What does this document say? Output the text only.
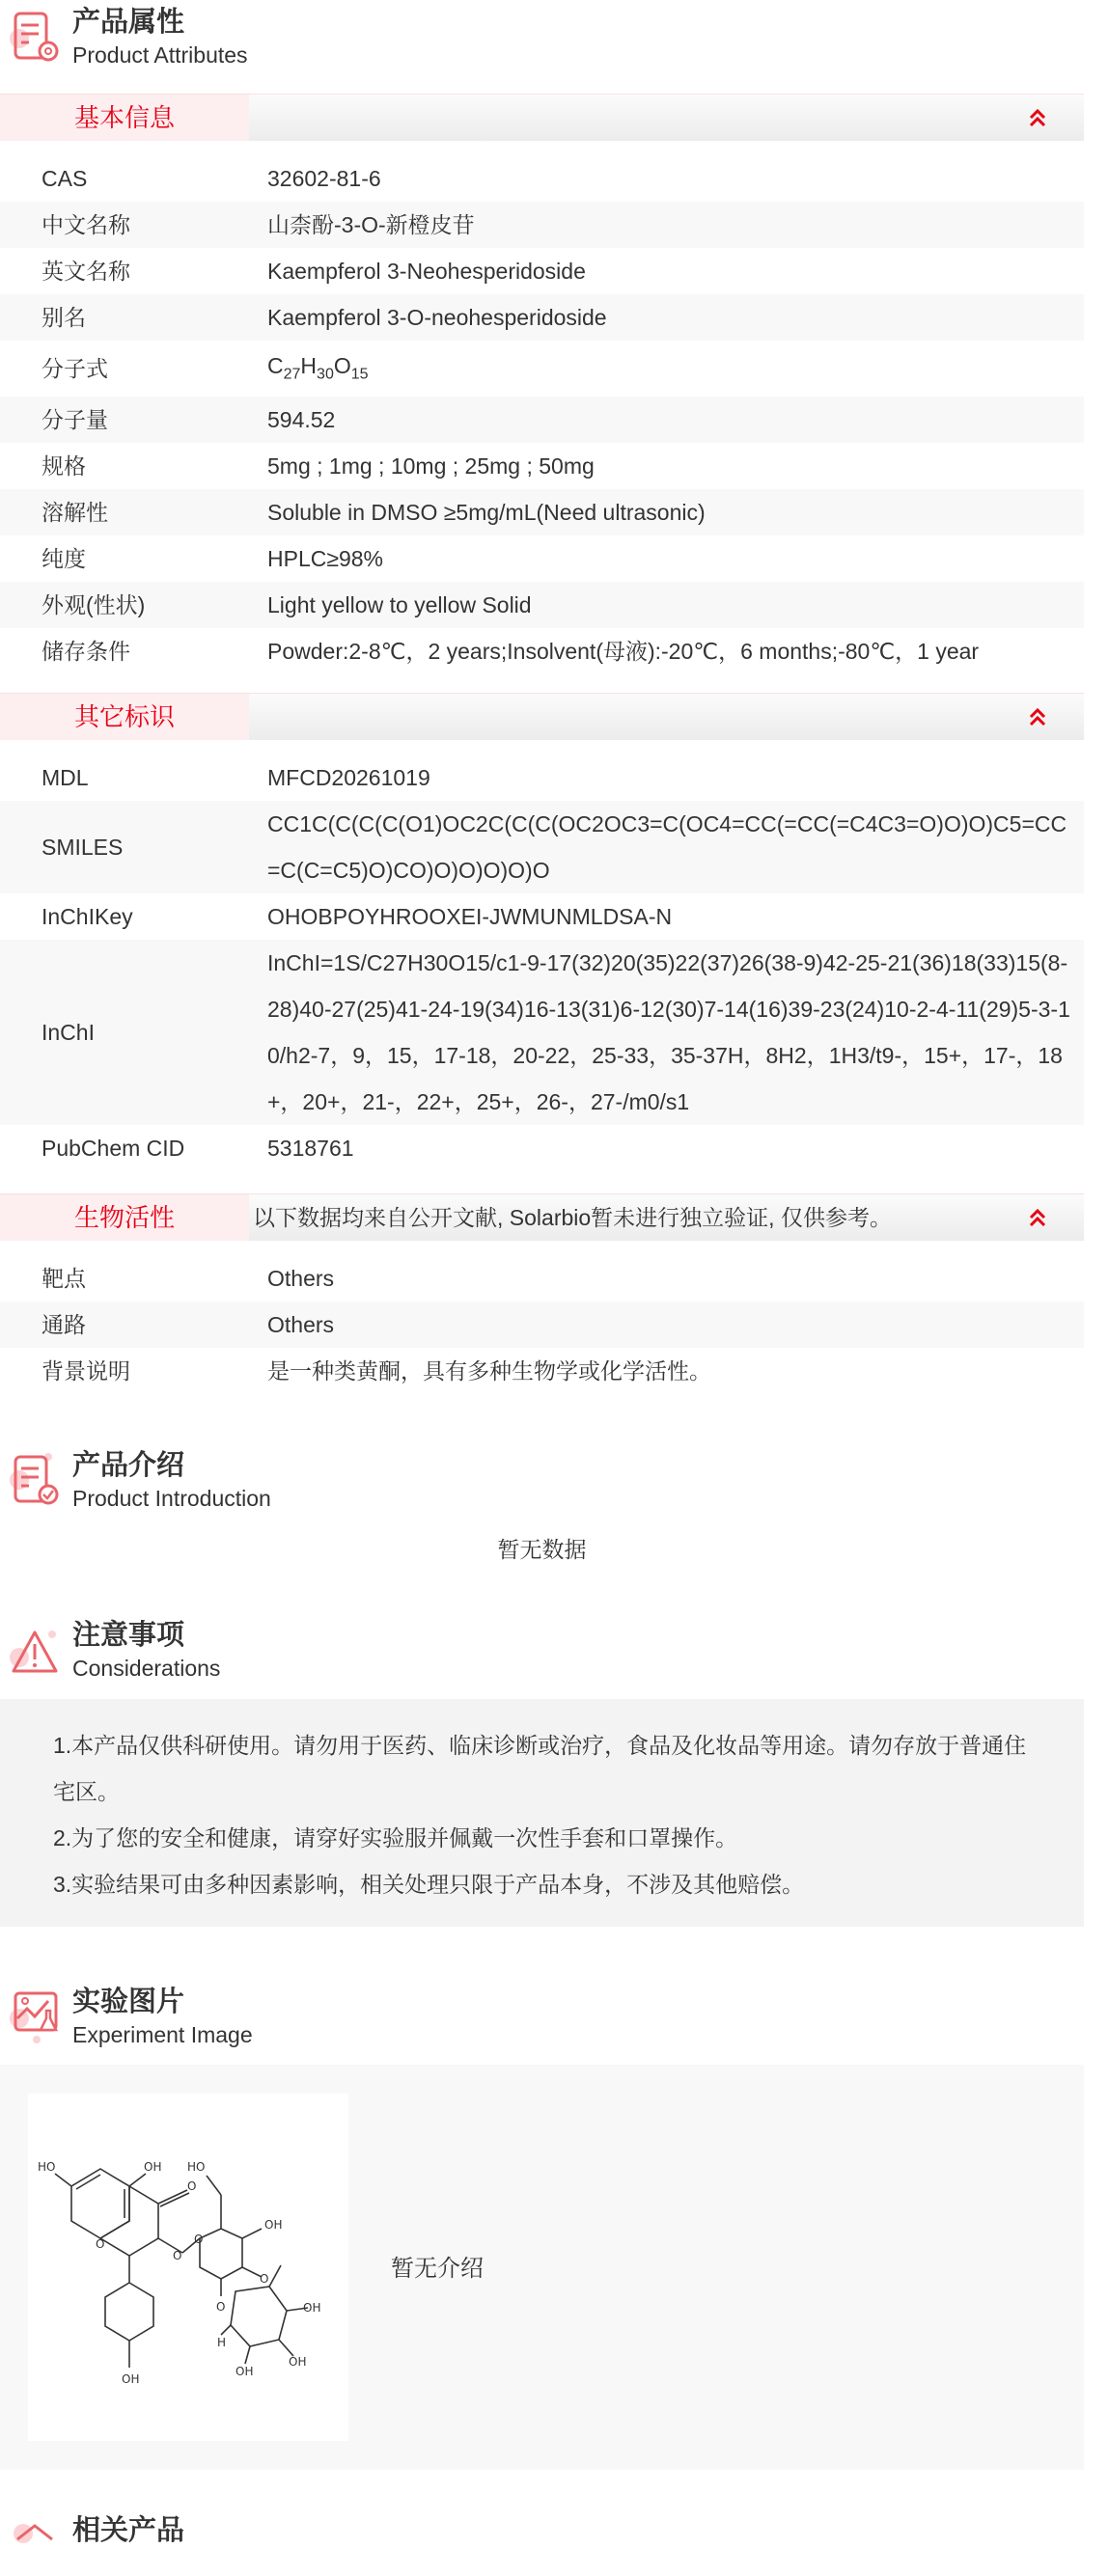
产品属性
Product Attributes
基本信息
CAS	32602-81-6
中文名称	山柰酚-3-O-新橙皮苷
英文名称	Kaempferol 3-Neohesperidoside
别名	Kaempferol 3-O-neohesperidoside
分子式	$C_{27}H_{30}O_{15}$
分子量	594.52
规格	5mg ; 1mg ; 10mg ; 25mg ; 50mg
溶解性	Soluble in DMSO ≥5mg/mL(Need ultrasonic)
纯度	HPLC≥98%
外观(性状)	Light yellow to yellow Solid
储存条件	Powder:2-8℃，2 years;Insolvent(母液):-20℃，6 months;-80℃，1 year
其它标识
MDL	MFCD20261019
SMILES
CC1C(C(C(C(O1)OC2C(C(C(OC2OC3=C(OC4=CC(=CC(=C4C3=O)O)O)C5=CC=C(C=C5)O)CO)O)O)O)O)O
InChIKey	OHOBPOYHROOXEI-JWMUNMLDSA-N
InChI
InChI=1S/C27H30O15/c1-9-17(32)20(35)22(37)26(38-9)42-25-21(36)18(33)15(8-28)40-27(25)41-24-19(34)16-13(31)6-12(30)7-14(16)39-23(24)10-2-4-11(29)5-3-10/h2-7，9，15，17-18，20-22，25-33，35-37H，8H2，1H3/t9-，15+，17-，18+，20+，21-，22+，25+，26-，27-/m0/s1
PubChem CID	5318761
生物活性	以下数据均来自公开文献, Solarbio暂未进行独立验证, 仅供参考。
靶点	Others
通路	Others
背景说明	是一种类黄酮，具有多种生物学或化学活性。
产品介绍
Product Introduction
暂无数据
注意事项
Considerations

1.本产品仅供科研使用。请勿用于医药、临床诊断或治疗，食品及化妆品等用途。请勿存放于普通住宅区。

2.为了您的安全和健康，请穿好实验服并佩戴一次性手套和口罩操作。

3.实验结果可由多种因素影响，相关处理只限于产品本身，不涉及其他赔偿。

实验图片
Experiment Image
HO	OH HO
O
O
O
OH
O
O
O	OH
H
OH
OH
OH
暂无介绍
相关产品
